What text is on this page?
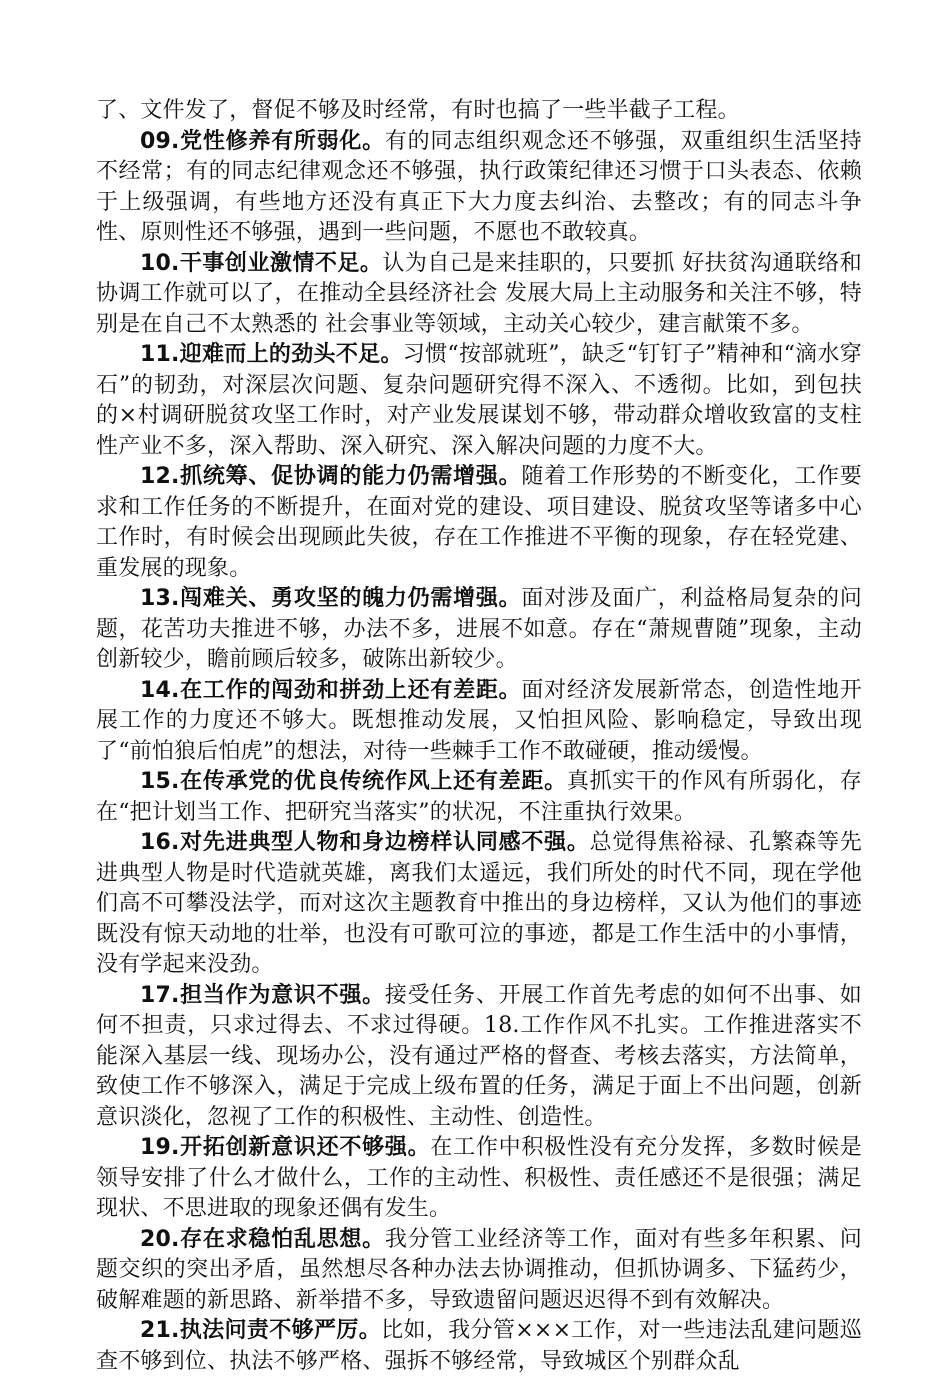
了、文件发了，督促不够及时经常，有时也搞了一些半截子工程。

09.党性修养有所弱化。有的同志组织观念还不够强，双重组织生活坚持不经常；有的同志纪律观念还不够强，执行政策纪律还习惯于口头表态、依赖于上级强调，有些地方还没有真正下大力度去纠治、去整改；有的同志斗争性、原则性还不够强，遇到一些问题，不愿也不敢较真。

10.干事创业激情不足。认为自己是来挂职的，只要抓 好扶贫沟通联络和协调工作就可以了，在推动全县经济社会 发展大局上主动服务和关注不够，特别是在自己不太熟悉的 社会事业等领域，主动关心较少，建言献策不多。

11.迎难而上的劲头不足。习惯“按部就班”，缺乏“钉钉子”精神和“滴水穿石”的韧劲，对深层次问题、复杂问题研究得不深入、不透彻。比如，到包扶的×村调研脱贫攻坚工作时，对产业发展谋划不够，带动群众增收致富的支柱性产业不多，深入帮助、深入研究、深入解决问题的力度不大。

12.抓统筹、促协调的能力仍需增强。随着工作形势的不断变化，工作要求和工作任务的不断提升，在面对党的建设、项目建设、脱贫攻坚等诸多中心工作时，有时候会出现顾此失彼，存在工作推进不平衡的现象，存在轻党建、重发展的现象。

13.闯难关、勇攻坚的魄力仍需增强。面对涉及面广，利益格局复杂的问题，花苦功夫推进不够，办法不多，进展不如意。存在“萧规曹随”现象，主动创新较少，瞻前顾后较多，破陈出新较少。

14.在工作的闯劲和拼劲上还有差距。面对经济发展新常态，创造性地开展工作的力度还不够大。既想推动发展，又怕担风险、影响稳定，导致出现了“前怕狼后怕虎”的想法，对待一些棘手工作不敢碰硬，推动缓慢。

15.在传承党的优良传统作风上还有差距。真抓实干的作风有所弱化，存在“把计划当工作、把研究当落实”的状况，不注重执行效果。

16.对先进典型人物和身边榜样认同感不强。总觉得焦裕禄、孔繁森等先进典型人物是时代造就英雄，离我们太遥远，我们所处的时代不同，现在学他们高不可攀没法学，而对这次主题教育中推出的身边榜样，又认为他们的事迹既没有惊天动地的壮举，也没有可歌可泣的事迹，都是工作生活中的小事情，没有学起来没劲。

17.担当作为意识不强。接受任务、开展工作首先考虑的如何不出事、如何不担责，只求过得去、不求过得硬。18.工作作风不扎实。工作推进落实不能深入基层一线、现场办公，没有通过严格的督查、考核去落实，方法简单，致使工作不够深入，满足于完成上级布置的任务，满足于面上不出问题，创新意识淡化，忽视了工作的积极性、主动性、创造性。

19.开拓创新意识还不够强。在工作中积极性没有充分发挥，多数时候是领导安排了什么才做什么，工作的主动性、积极性、责任感还不是很强；满足现状、不思进取的现象还偶有发生。

20.存在求稳怕乱思想。我分管工业经济等工作，面对有些多年积累、问题交织的突出矛盾，虽然想尽各种办法去协调推动，但抓协调多、下猛药少，破解难题的新思路、新举措不多，导致遗留问题迟迟得不到有效解决。

21.执法问责不够严厉。比如，我分管×××工作，对一些违法乱建问题巡查不够到位、执法不够严格、强拆不够经常，导致城区个别群众乱
